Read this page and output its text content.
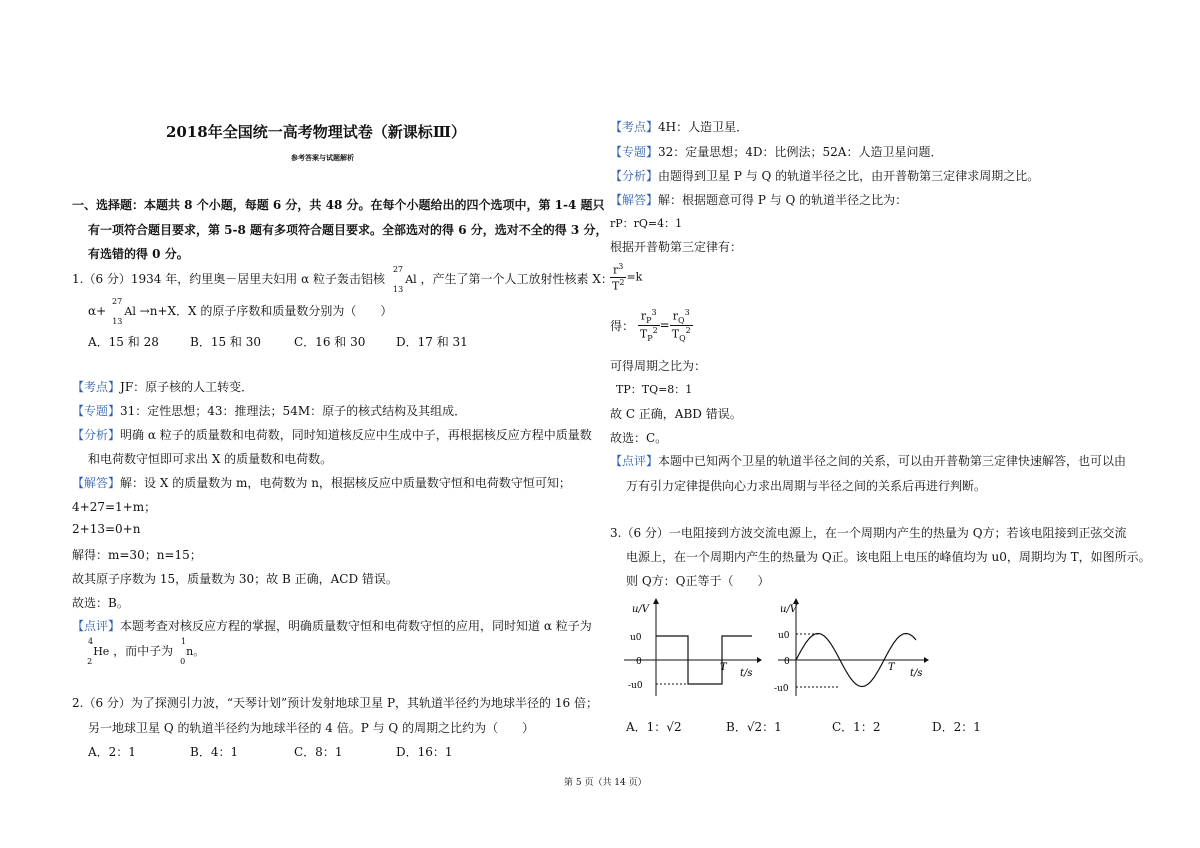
2018年全国统一高考物理试卷（新课标Ⅲ）
参考答案与试题解析
一、选择题：本题共 8 个小题，每题 6 分，共 48 分。在每个小题给出的四个选项中，第 1-4 题只
有一项符合题目要求，第 5-8 题有多项符合题目要求。全部选对的得 6 分，选对不全的得 3 分，
有选错的得 0 分。
1.（6 分）1934 年，约里奥－居里夫妇用 α 粒子轰击铝核 $^{27}_{13}$Al ，产生了第一个人工放射性核素 X：
α+ $^{27}_{13}$Al →n+X．X 的原子序数和质量数分别为（　　）
A．15 和 28	B．15 和 30	C．16 和 30	D．17 和 31
【考点】JF：原子核的人工转变．
【专题】31：定性思想；43：推理法；54M：原子的核式结构及其组成．
【分析】明确 α 粒子的质量数和电荷数，同时知道核反应中生成中子，再根据核反应方程中质量数
和电荷数守恒即可求出 X 的质量数和电荷数。
【解答】解：设 X 的质量数为 m，电荷数为 n，根据核反应中质量数守恒和电荷数守恒可知；
4+27=1+m；
2+13=0+n
解得：m=30；n=15；
故其原子序数为 15，质量数为 30；故 B 正确，ACD 错误。
故选：B。
【点评】本题考查对核反应方程的掌握，明确质量数守恒和电荷数守恒的应用，同时知道 α 粒子为
$^4_2$He ，而中子为 $^1_0$n。
2.（6 分）为了探测引力波，“天琴计划”预计发射地球卫星 P，其轨道半径约为地球半径的 16 倍；
另一地球卫星 Q 的轨道半径约为地球半径的 4 倍。P 与 Q 的周期之比约为（　　）
A．2：1	B．4：1	C．8：1	D．16：1
【考点】4H：人造卫星．
【专题】32：定量思想；4D：比例法；52A：人造卫星问题．
【分析】由题得到卫星 P 与 Q 的轨道半径之比，由开普勒第三定律求周期之比。
【解答】解：根据题意可得 P 与 Q 的轨道半径之比为：
rP：rQ=4：1
根据开普勒第三定律有：
$\frac{r^3}{T^2} =k$
得： $\frac{r_P^3}{T_P^2} = \frac{r_Q^3}{T_Q^2}$
可得周期之比为：
TP：TQ=8：1
故 C 正确，ABD 错误。
故选：C。
【点评】本题中已知两个卫星的轨道半径之间的关系，可以由开普勒第三定律快速解答，也可以由
万有引力定律提供向心力求出周期与半径之间的关系后再进行判断。
3.（6 分）一电阻接到方波交流电源上，在一个周期内产生的热量为 Q方；若该电阻接到正弦交流
电源上，在一个周期内产生的热量为 Q正。该电阻上电压的峰值均为 u0，周期均为 T，如图所示。
则 Q方：Q正等于（　　）
u/V
u0
0
-u0
T
t/s
u/V
u0
0
-u0
T
t/s
A．1：√2	B．√2：1	C．1：2	D．2：1
第 5 页（共 14 页）
